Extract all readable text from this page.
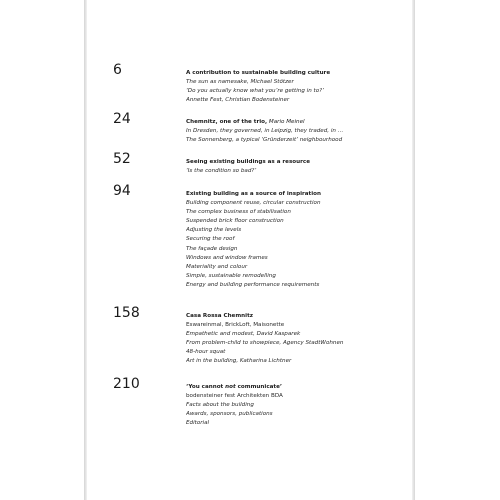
6	A contribution to sustainable building culture
The sun as namesake, Michael Stötzer
‘Do you actually know what you’re getting in to?’
Annette Fest, Christian Bodensteiner
24	Chemnitz, one of the trio, Mario Meinel
In Dresden, they governed, in Leipzig, they traded, in …
The Sonnenberg, a typical ‘Gründerzeit’ neighbourhood
52	Seeing existing buildings as a resource
‘Is the condition so bad?’
94	Existing building as a source of inspiration
Building component reuse, circular construction
The complex business of stabilisation
Suspended brick floor construction
Adjusting the levels
Securing the roof
The façade design
Windows and window frames
Materiality and colour
Simple, sustainable remodelling
Energy and building performance requirements
158	Casa Rossa Chemnitz
Eswareinmal, BrickLoft, Maisonette
Empathetic and modest, David Kasparek
From problem-child to showpiece, Agency StadtWohnen
48-hour squat
Art in the building, Katharina Lichtner
210	‘You cannot not communicate’
bodensteiner fest Architekten BDA
Facts about the building
Awards, sponsors, publications
Editorial
